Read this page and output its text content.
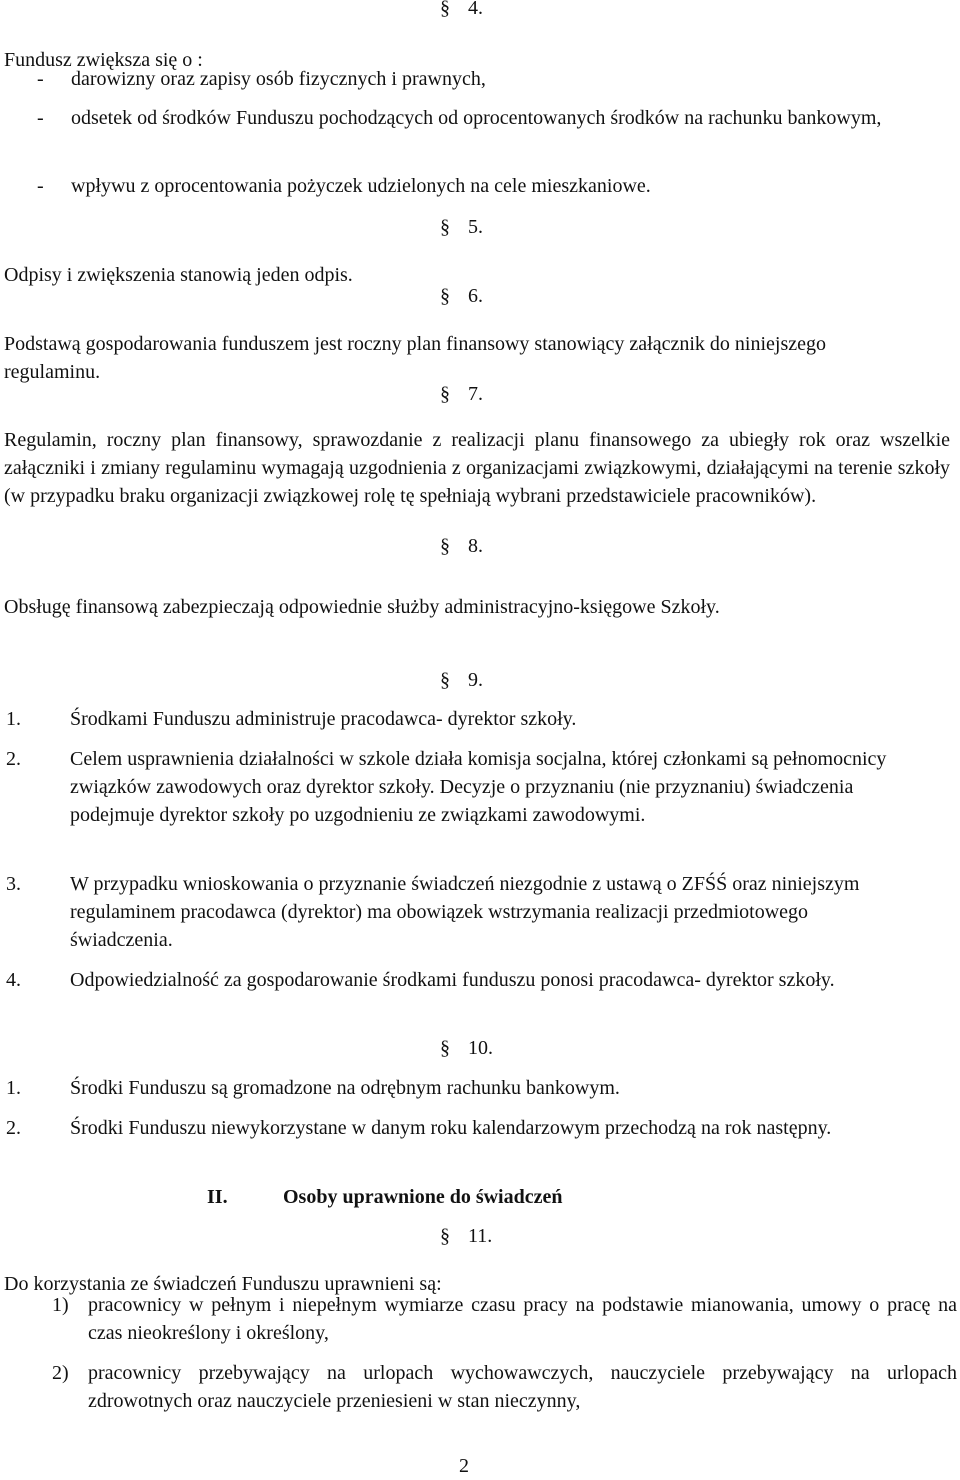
§ 4.

Fundusz zwiększa się o :

-	darowizny oraz zapisy osób fizycznych i prawnych,
-	odsetek od środków Funduszu pochodzących od oprocentowanych środków na rachunku bankowym,
-	wpływu z oprocentowania pożyczek udzielonych na cele mieszkaniowe.
§ 5.

Odpisy i zwiększenia stanowią jeden odpis.

§ 6.

Podstawą gospodarowania funduszem jest roczny plan finansowy stanowiący załącznik do niniejszego regulaminu.

§ 7.

Regulamin, roczny plan finansowy, sprawozdanie z realizacji planu finansowego za ubiegły rok oraz wszelkie załączniki i zmiany regulaminu wymagają uzgodnienia z organizacjami związkowymi, działającymi na terenie szkoły (w przypadku braku organizacji związkowej rolę tę spełniają wybrani przedstawiciele pracowników).

§ 8.

Obsługę finansową zabezpieczają odpowiednie służby administracyjno-księgowe Szkoły.

§ 9.
1.	Środkami Funduszu administruje pracodawca- dyrektor szkoły.
2.	Celem usprawnienia działalności w szkole działa komisja socjalna, której członkami są pełnomocnicy związków zawodowych oraz dyrektor szkoły. Decyzje o przyznaniu (nie przyznaniu) świadczenia podejmuje dyrektor szkoły po uzgodnieniu ze związkami zawodowymi.
3.	W przypadku wnioskowania o przyznanie świadczeń niezgodnie z ustawą o ZFŚŚ oraz niniejszym regulaminem pracodawca (dyrektor) ma obowiązek wstrzymania realizacji przedmiotowego świadczenia.
4.	Odpowiedzialność za gospodarowanie środkami funduszu ponosi pracodawca- dyrektor szkoły.
§ 10.
1.	Środki Funduszu są gromadzone na odrębnym rachunku bankowym.
2.	Środki Funduszu niewykorzystane w danym roku kalendarzowym przechodzą na rok następny.
II.	Osoby uprawnione do świadczeń
§ 11.

Do korzystania ze świadczeń Funduszu uprawnieni są:

1) pracownicy w pełnym i niepełnym wymiarze czasu pracy na podstawie mianowania, umowy o pracę na czas nieokreślony i określony,
2) pracownicy przebywający na urlopach wychowawczych, nauczyciele przebywający na urlopach zdrowotnych oraz nauczyciele przeniesieni w stan nieczynny,
2
